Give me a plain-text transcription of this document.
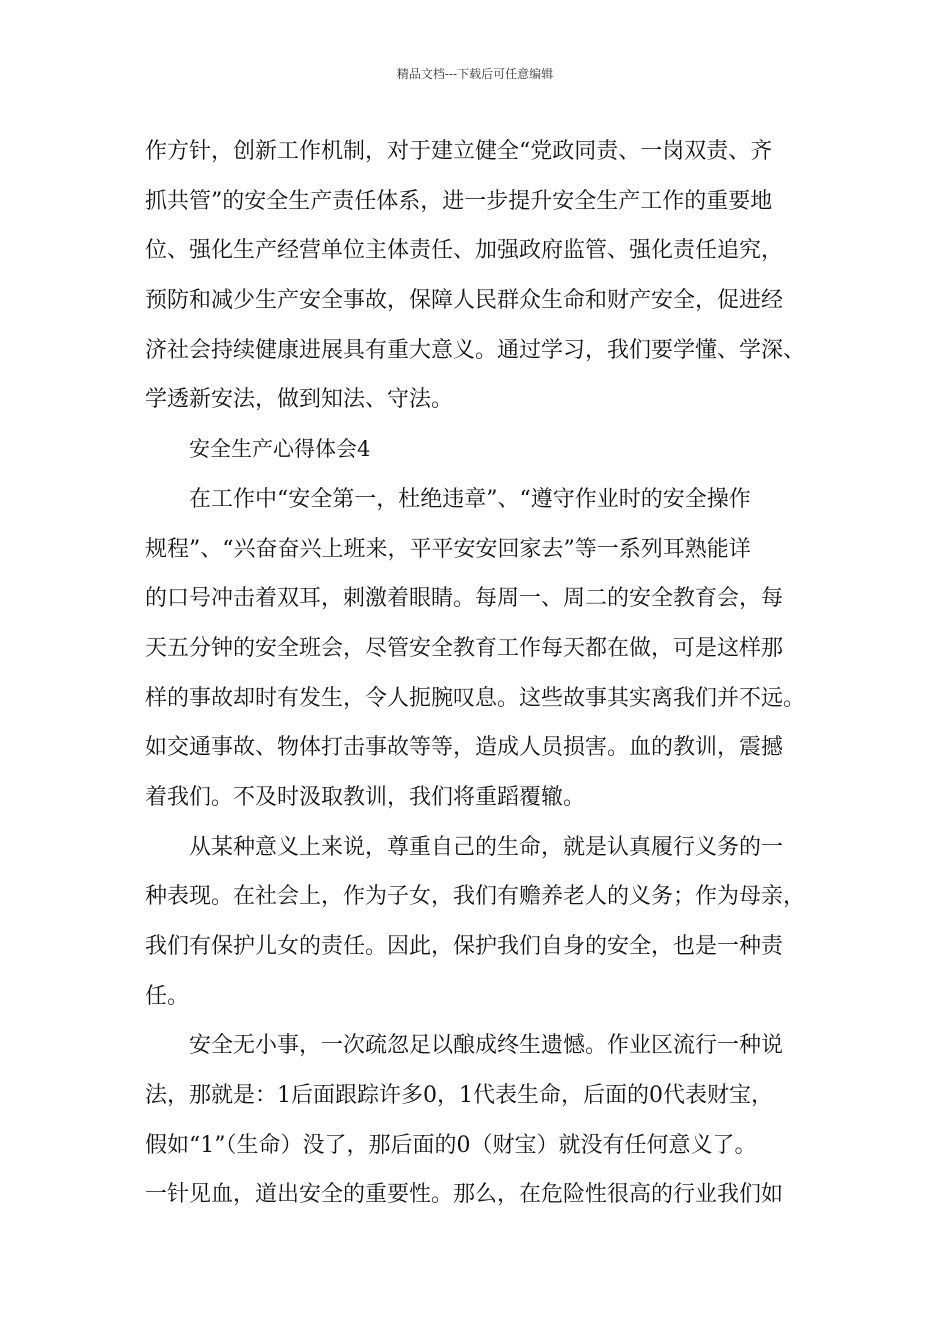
精品文档---下载后可任意编辑
作方针，创新工作机制，对于建立健全“党政同责、一岗双责、齐
抓共管”的安全生产责任体系，进一步提升安全生产工作的重要地
位、强化生产经营单位主体责任、加强政府监管、强化责任追究，
预防和减少生产安全事故，保障人民群众生命和财产安全，促进经
济社会持续健康进展具有重大意义。通过学习，我们要学懂、学深、
学透新安法，做到知法、守法。
安全生产心得体会4
在工作中“安全第一，杜绝违章”、“遵守作业时的安全操作
规程”、“兴奋奋兴上班来，平平安安回家去”等一系列耳熟能详
的口号冲击着双耳，刺激着眼睛。每周一、周二的安全教育会，每
天五分钟的安全班会，尽管安全教育工作每天都在做，可是这样那
样的事故却时有发生，令人扼腕叹息。这些故事其实离我们并不远。
如交通事故、物体打击事故等等，造成人员损害。血的教训，震撼
着我们。不及时汲取教训，我们将重蹈覆辙。
从某种意义上来说，尊重自己的生命，就是认真履行义务的一
种表现。在社会上，作为子女，我们有赡养老人的义务；作为母亲，
我们有保护儿女的责任。因此，保护我们自身的安全，也是一种责
任。
安全无小事，一次疏忽足以酿成终生遗憾。作业区流行一种说
法，那就是：1后面跟踪许多0，1代表生命，后面的0代表财宝，
假如“1”（生命）没了，那后面的0（财宝）就没有任何意义了。
一针见血，道出安全的重要性。那么，在危险性很高的行业我们如
